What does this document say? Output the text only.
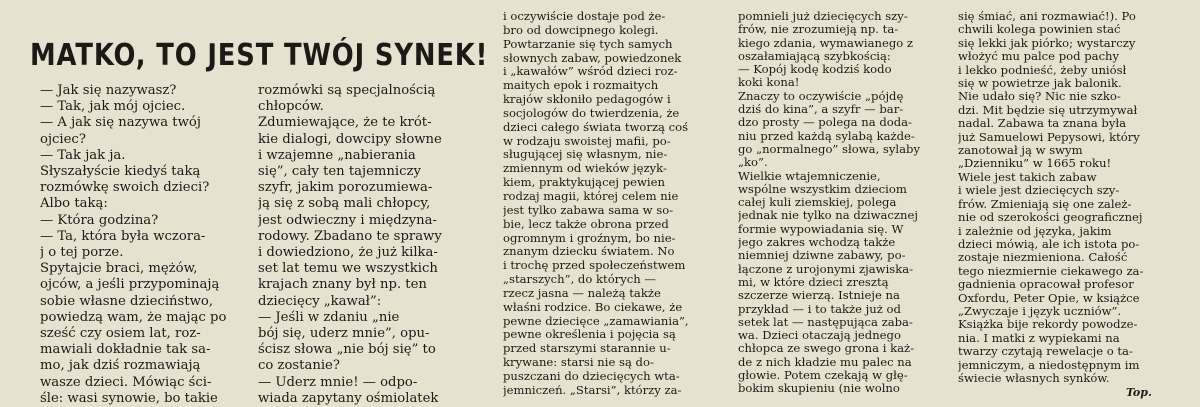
MATKO, TO JEST TWÓJ SYNEK!
— Jak się nazywasz?
— Tak, jak mój ojciec.
— A jak się nazywa twój
ojciec?
— Tak jak ja.
Słyszałyście kiedyś taką
rozmówkę swoich dzieci?
Albo taką:
— Która godzina?
— Ta, która była wczora-
j o tej porze.
Spytajcie braci, mężów,
ojców, a jeśli przypominają
sobie własne dzieciństwo,
powiedzą wam, że mając po
sześć czy osiem lat, roz-
mawiali dokładnie tak sa-
mo, jak dziś rozmawiają
wasze dzieci. Mówiąc ści-
śle: wasi synowie, bo takie
rozmówki są specjalnością
chłopców.
Zdumiewające, że te krót-
kie dialogi, dowcipy słowne
i wzajemne „nabierania
się”, cały ten tajemniczy
szyfr, jakim porozumiewa-
ją się z sobą mali chłopcy,
jest odwieczny i międzyna-
rodowy. Zbadano te sprawy
i dowiedziono, że już kilka-
set lat temu we wszystkich
krajach znany był np. ten
dziecięcy „kawał”:
— Jeśli w zdaniu „nie
bój się, uderz mnie”, opu-
ścisz słowa „nie bój się” to
co zostanie?
— Uderz mnie! — odpo-
wiada zapytany ośmiolatek
i oczywiście dostaje pod że-
bro od dowcipnego kolegi.
Powtarzanie się tych samych
słownych zabaw, powiedzonek
i „kawałów” wśród dzieci roz-
maitych epok i rozmaitych
krajów skłoniło pedagogów i
socjologów do twierdzenia, że
dzieci całego świata tworzą coś
w rodzaju swoistej mafii, po-
sługującej się własnym, nie-
zmiennym od wieków język-
kiem, praktykującej pewien
rodzaj magii, której celem nie
jest tylko zabawa sama w so-
bie, lecz także obrona przed
ogromnym i groźnym, bo nie-
znanym dziecku światem. No
i trochę przed społeczeństwem
„starszych”, do których —
rzecz jasna — należą także
właśni rodzice. Bo ciekawe, że
pewne dziecięce „zamawiania”,
pewne określenia i pojęcia są
przed starszymi starannie u-
krywane: starsi nie są do-
puszczani do dziecięcych wta-
jemniczeń. „Starsi”, którzy za-
pomnieli już dziecięcych szy-
frów, nie zrozumieją np. ta-
kiego zdania, wymawianego z
oszałamiającą szybkością:
— Kopój kodę kodziś kodo
koki kona!
Znaczy to oczywiście „pójdę
dziś do kina”, a szyfr — bar-
dzo prosty — polega na doda-
niu przed każdą sylabą każde-
go „normalnego” słowa, sylaby
„ko”.
Wielkie wtajemniczenie,
wspólne wszystkim dzieciom
całej kuli ziemskiej, polega
jednak nie tylko na dziwacznej
formie wypowiadania się. W
jego zakres wchodzą także
niemniej dziwne zabawy, po-
łączone z urojonymi zjawiska-
mi, w które dzieci zresztą
szczerze wierzą. Istnieje na
przykład — i to także już od
setek lat — następująca zaba-
wa. Dzieci otaczają jednego
chłopca ze swego grona i każ-
de z nich kładzie mu palec na
głowie. Potem czekają w głę-
bokim skupieniu (nie wolno
się śmiać, ani rozmawiać!). Po
chwili kolega powinien stać
się lekki jak piórko; wystarczy
włożyć mu palce pod pachy
i lekko podnieść, żeby uniósł
się w powietrze jak balonik.
Nie udało się? Nic nie szko-
dzi. Mit będzie się utrzymywał
nadal. Zabawa ta znana była
już Samuelowi Pepysowi, który
zanotował ją w swym
„Dzienniku” w 1665 roku!
Wiele jest takich zabaw
i wiele jest dziecięcych szy-
frów. Zmieniają się one zależ-
nie od szerokości geograficznej
i zależnie od języka, jakim
dzieci mówią, ale ich istota po-
zostaje niezmieniona. Całość
tego niezmiernie ciekawego za-
gadnienia opracował profesor
Oxfordu, Peter Opie, w książce
„Zwyczaje i język uczniów”.
Książka bije rekordy powodze-
nia. I matki z wypiekami na
twarzy czytają rewelacje o ta-
jemniczym, a niedostępnym im
świecie własnych synków.
Top.
